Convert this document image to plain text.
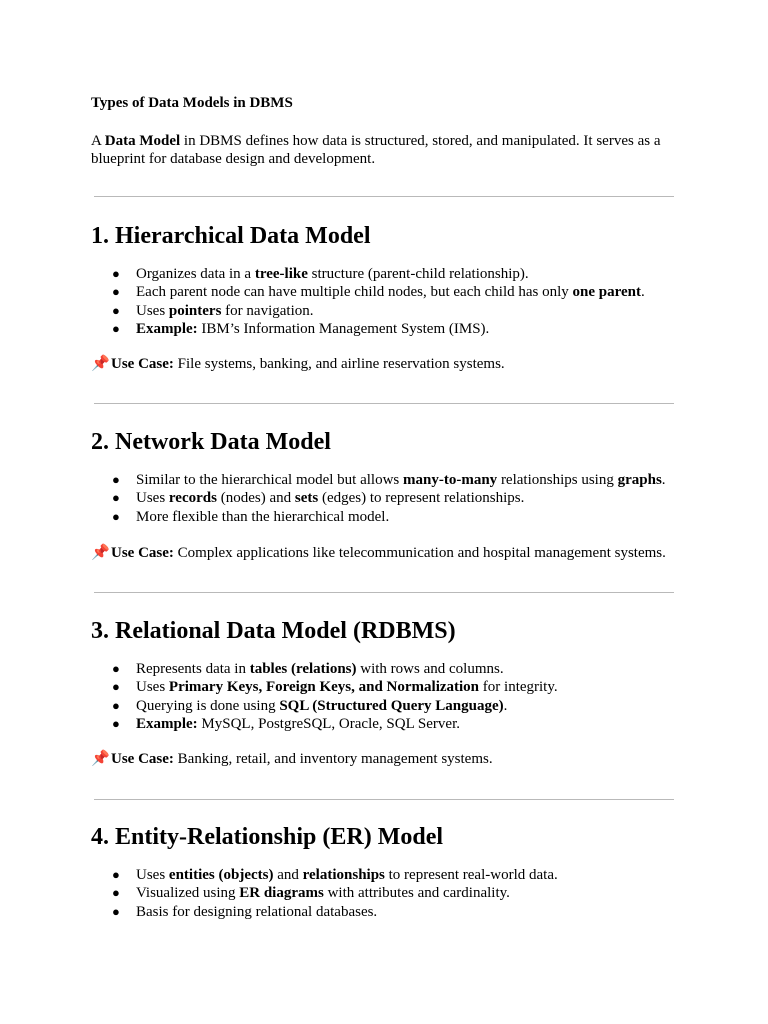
Types of Data Models in DBMS

A Data Model in DBMS defines how data is structured, stored, and manipulated. It serves as a blueprint for database design and development.

1. Hierarchical Data Model
● Organizes data in a tree-like structure (parent-child relationship).
● Each parent node can have multiple child nodes, but each child has only one parent.
● Uses pointers for navigation.
● Example: IBM’s Information Management System (IMS).

📌Use Case: File systems, banking, and airline reservation systems.

2. Network Data Model
● Similar to the hierarchical model but allows many-to-many relationships using graphs.
● Uses records (nodes) and sets (edges) to represent relationships.
● More flexible than the hierarchical model.

📌Use Case: Complex applications like telecommunication and hospital management systems.

3. Relational Data Model (RDBMS)
● Represents data in tables (relations) with rows and columns.
● Uses Primary Keys, Foreign Keys, and Normalization for integrity.
● Querying is done using SQL (Structured Query Language).
● Example: MySQL, PostgreSQL, Oracle, SQL Server.

📌Use Case: Banking, retail, and inventory management systems.

4. Entity-Relationship (ER) Model
● Uses entities (objects) and relationships to represent real-world data.
● Visualized using ER diagrams with attributes and cardinality.
● Basis for designing relational databases.
